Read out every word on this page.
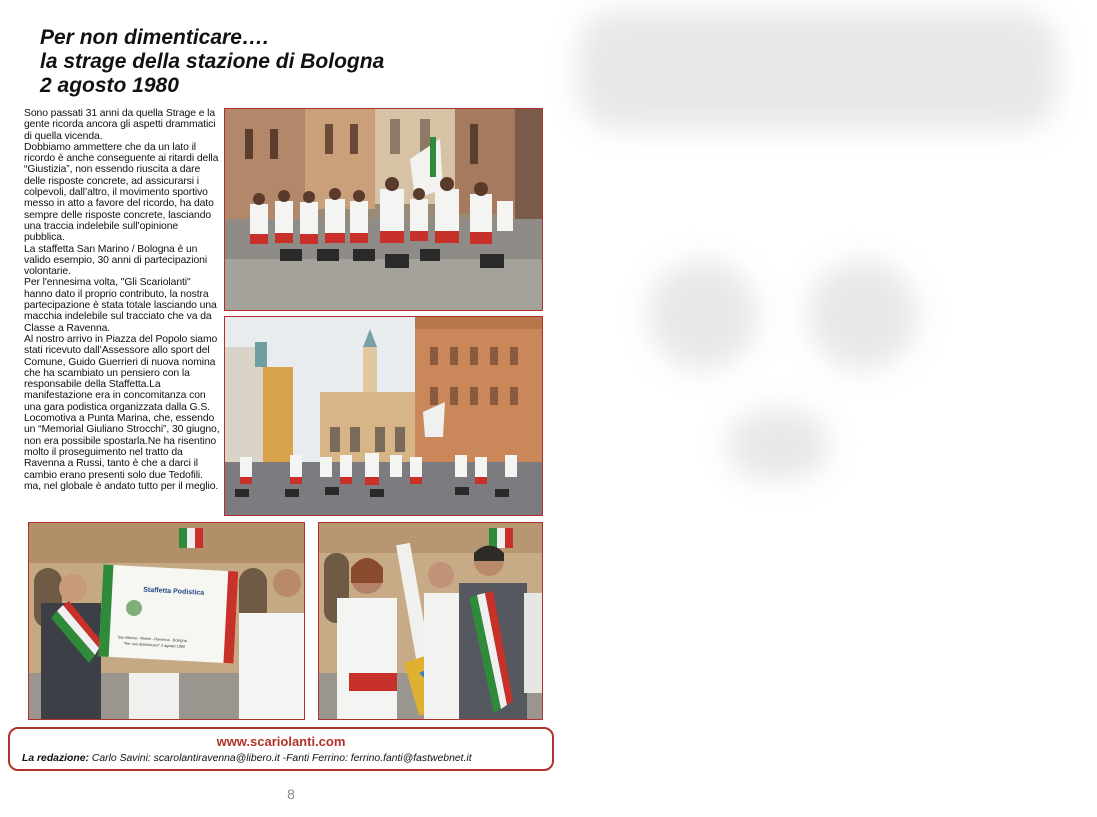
Per non dimenticare….
la strage della stazione di Bologna
2 agosto 1980

Sono passati 31 anni da quella Strage e la gente ricorda ancora gli aspetti drammatici di quella vicenda.

Dobbiamo ammettere che da un lato il ricordo è anche conseguente ai ritardi della “Giustizia”, non essendo riuscita a dare delle risposte concrete, ad assicurarsi i colpevoli, dall’altro, il movimento sportivo messo in atto a favore del ricordo, ha dato sempre delle risposte concrete, lasciando una traccia indelebile sull’opinione pubblica.

La staffetta San Marino / Bologna è un valido esempio, 30 anni di partecipazioni volontarie.

Per l'ennesima volta, "Gli Scariolanti" hanno dato il proprio contributo, la nostra partecipazione è stata totale lasciando una macchia indelebile sul tracciato che va da Classe a Ravenna.

Al nostro arrivo in Piazza del Popolo siamo stati ricevuto dall’Assessore allo sport del

Comune, Guido Guerrieri di nuova nomina che ha scambiato un pensiero con la responsabile della Staffetta.La manifestazione era in concomitanza con una gara podistica organizzata dalla G.S. Locomotiva a Punta Marina, che, essendo un “Memorial Giuliano Strocchi”, 30 giugno, non era possibile spostarla.Ne ha risentino molto il proseguimento nel tratto da Ravenna a Russi, tanto è che a darci il cambio erano presenti solo due Tedofili. ma, nel globale è andato tutto per il meglio.

Staffetta Podistica
San Marino - Rimini - Ravenna - Bologna
"Per non dimenticare" 2 agosto 1980
www.scariolanti.com
La redazione: Carlo Savini: scarolantiravenna@libero.it -Fanti Ferrino: ferrino.fanti@fastwebnet.it
8
